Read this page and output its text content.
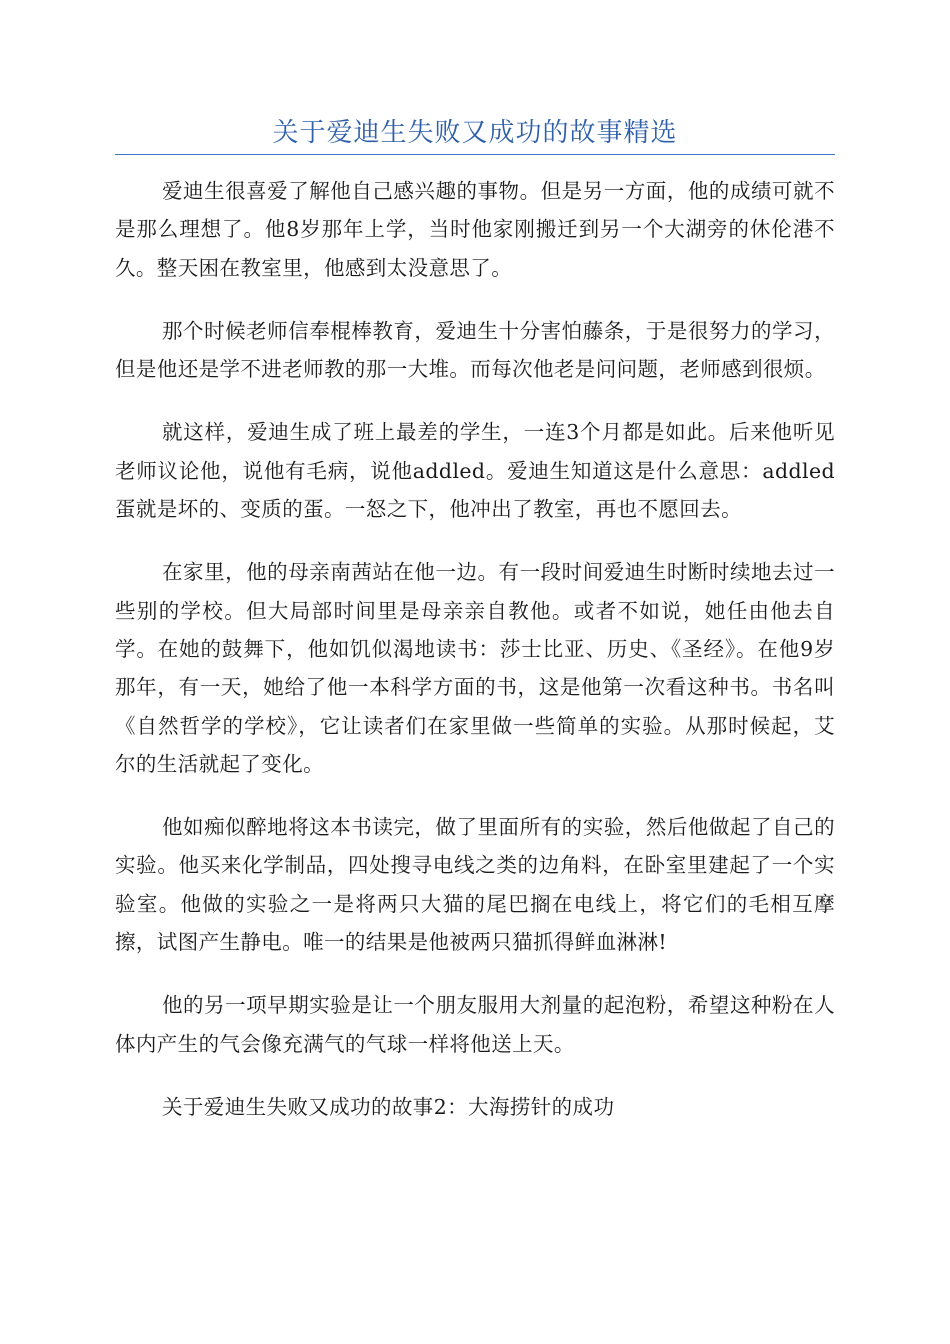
关于爱迪生失败又成功的故事精选

爱迪生很喜爱了解他自己感兴趣的事物。但是另一方面，他的成绩可就不是那么理想了。他8岁那年上学，当时他家刚搬迁到另一个大湖旁的休伦港不久。整天困在教室里，他感到太没意思了。

那个时候老师信奉棍棒教育，爱迪生十分害怕藤条，于是很努力的学习，但是他还是学不进老师教的那一大堆。而每次他老是问问题，老师感到很烦。

就这样，爱迪生成了班上最差的学生，一连3个月都是如此。后来他听见老师议论他，说他有毛病，说他addled。爱迪生知道这是什么意思：addled蛋就是坏的、变质的蛋。一怒之下，他冲出了教室，再也不愿回去。

在家里，他的母亲南茜站在他一边。有一段时间爱迪生时断时续地去过一些别的学校。但大局部时间里是母亲亲自教他。或者不如说，她任由他去自学。在她的鼓舞下，他如饥似渴地读书：莎士比亚、历史、《圣经》。在他9岁那年，有一天，她给了他一本科学方面的书，这是他第一次看这种书。书名叫《自然哲学的学校》，它让读者们在家里做一些简单的实验。从那时候起，艾尔的生活就起了变化。

他如痴似醉地将这本书读完，做了里面所有的实验，然后他做起了自己的实验。他买来化学制品，四处搜寻电线之类的边角料，在卧室里建起了一个实验室。他做的实验之一是将两只大猫的尾巴搁在电线上，将它们的毛相互摩擦，试图产生静电。唯一的结果是他被两只猫抓得鲜血淋淋!

他的另一项早期实验是让一个朋友服用大剂量的起泡粉，希望这种粉在人体内产生的气会像充满气的气球一样将他送上天。

关于爱迪生失败又成功的故事2：大海捞针的成功
